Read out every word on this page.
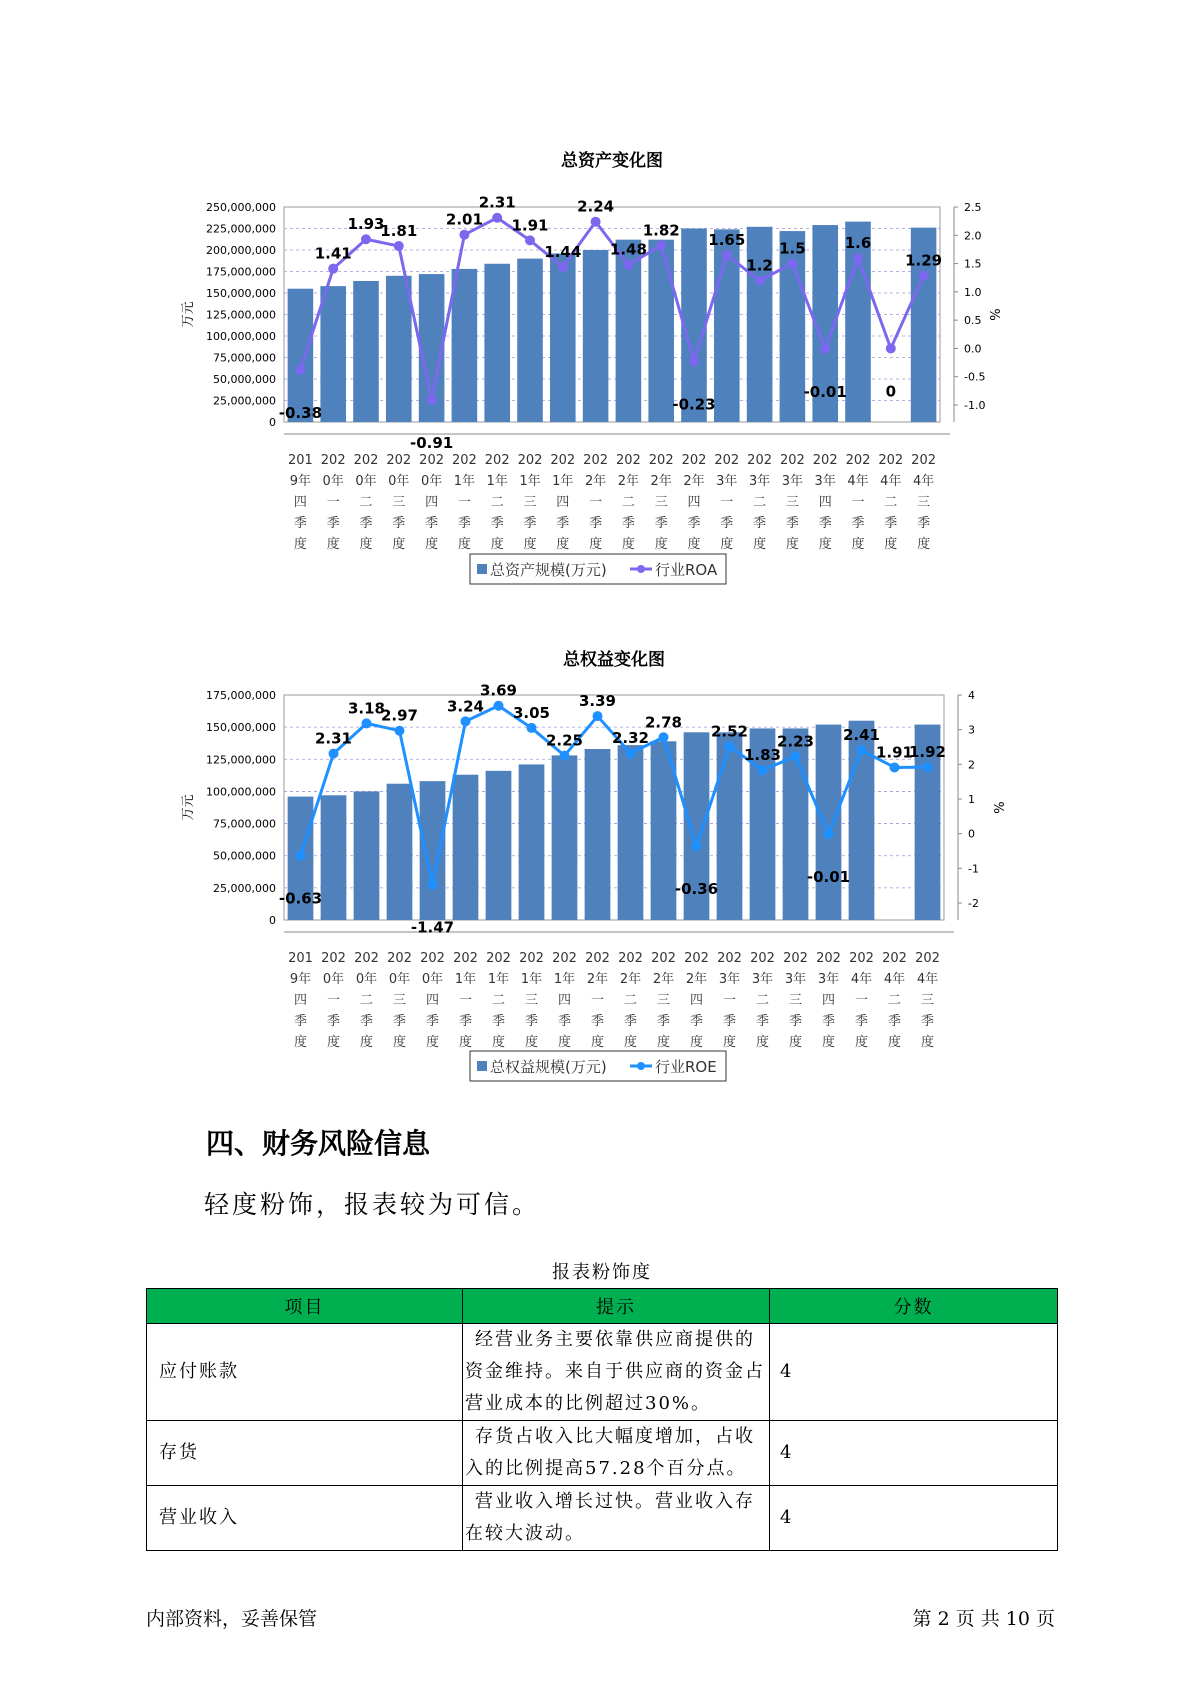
总资产变化图
250,000,000
225,000,000
200,000,000
175,000,000
150,000,000
125,000,000
100,000,000
75,000,000
50,000,000
25,000,000
0
2.5
2.0
1.5
1.0
0.5
0.0
-0.5
-1.0
万元	%
201 9年四季度
202 0年一季度
202 0年二季度
202 0年三季度
202 0年四季度
202 1年一季度
202 1年二季度
202 1年三季度
202 1年四季度
202 2年一季度
202 2年二季度
202 2年三季度
202 2年四季度
202 3年一季度
202 3年二季度
202 3年三季度
202 3年四季度
202 4年一季度
202 4年二季度
202 4年三季度
-0.38
1.41
1.93
1.81
-0.91
2.01
2.31
1.91
1.44
2.24
1.48
1.82
-0.23
1.65
1.2
1.5
-0.01
1.6
0
1.29
总资产规模(万元)	行业ROA
总权益变化图
175,000,000
150,000,000
125,000,000
100,000,000
75,000,000
50,000,000
25,000,000
0
4
3
2
1
0
-1
-2
万元	%
201 9年四季度
202 0年一季度
202 0年二季度
202 0年三季度
202 0年四季度
202 1年一季度
202 1年二季度
202 1年三季度
202 1年四季度
202 2年一季度
202 2年二季度
202 2年三季度
202 2年四季度
202 3年一季度
202 3年二季度
202 3年三季度
202 3年四季度
202 4年一季度
202 4年二季度
202 4年三季度
-0.63
2.31
3.18
2.97
-1.47
3.24
3.69
3.05
2.25
3.39
2.32
2.78
-0.36
2.52
1.83
2.23
-0.01
2.41
1.91
1.92
总权益规模(万元)	行业ROE
四、财务风险信息

轻度粉饰，报表较为可信。

报表粉饰度
项目	提示	分数
应付账款	经营业务主要依靠供应商提供的资金维持。来自于供应商的资金占营业成本的比例超过30%。	4
存货	存货占收入比大幅度增加，占收入的比例提高57.28个百分点。	4
营业收入	营业收入增长过快。营业收入存在较大波动。	4
内部资料，妥善保管	第 2 页 共 10 页
